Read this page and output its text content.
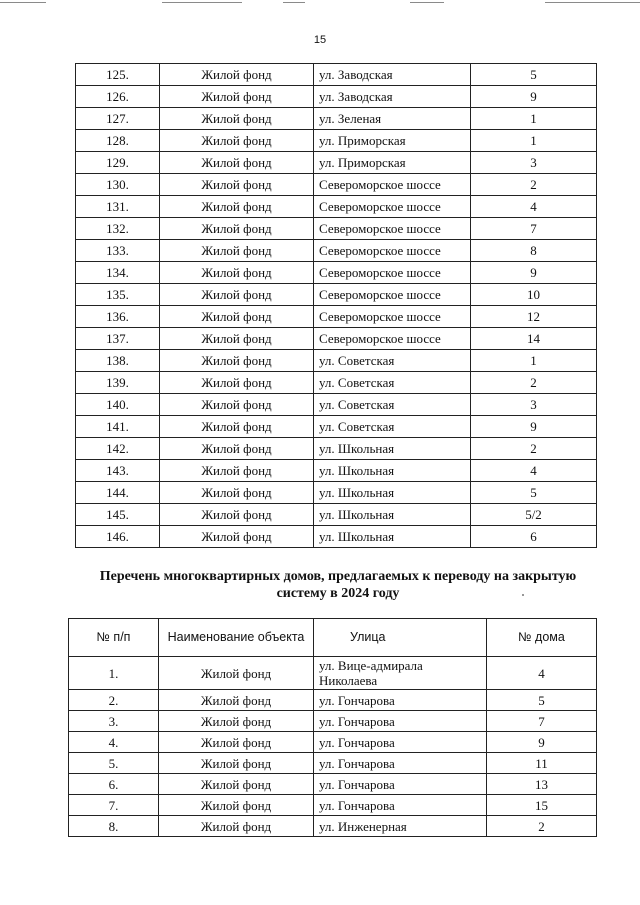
15
125.	Жилой фонд	ул. Заводская	5
126.	Жилой фонд	ул. Заводская	9
127.	Жилой фонд	ул. Зеленая	1
128.	Жилой фонд	ул. Приморская	1
129.	Жилой фонд	ул. Приморская	3
130.	Жилой фонд	Североморское шоссе	2
131.	Жилой фонд	Североморское шоссе	4
132.	Жилой фонд	Североморское шоссе	7
133.	Жилой фонд	Североморское шоссе	8
134.	Жилой фонд	Североморское шоссе	9
135.	Жилой фонд	Североморское шоссе	10
136.	Жилой фонд	Североморское шоссе	12
137.	Жилой фонд	Североморское шоссе	14
138.	Жилой фонд	ул. Советская	1
139.	Жилой фонд	ул. Советская	2
140.	Жилой фонд	ул. Советская	3
141.	Жилой фонд	ул. Советская	9
142.	Жилой фонд	ул. Школьная	2
143.	Жилой фонд	ул. Школьная	4
144.	Жилой фонд	ул. Школьная	5
145.	Жилой фонд	ул. Школьная	5/2
146.	Жилой фонд	ул. Школьная	6
Перечень многоквартирных домов, предлагаемых к переводу на закрытую
систему в 2024 году
№ п/п	Наименование объекта	Улица	№ дома
1.	Жилой фонд	ул. Вице-адмирала Николаева	4
2.	Жилой фонд	ул. Гончарова	5
3.	Жилой фонд	ул. Гончарова	7
4.	Жилой фонд	ул. Гончарова	9
5.	Жилой фонд	ул. Гончарова	11
6.	Жилой фонд	ул. Гончарова	13
7.	Жилой фонд	ул. Гончарова	15
8.	Жилой фонд	ул. Инженерная	2
